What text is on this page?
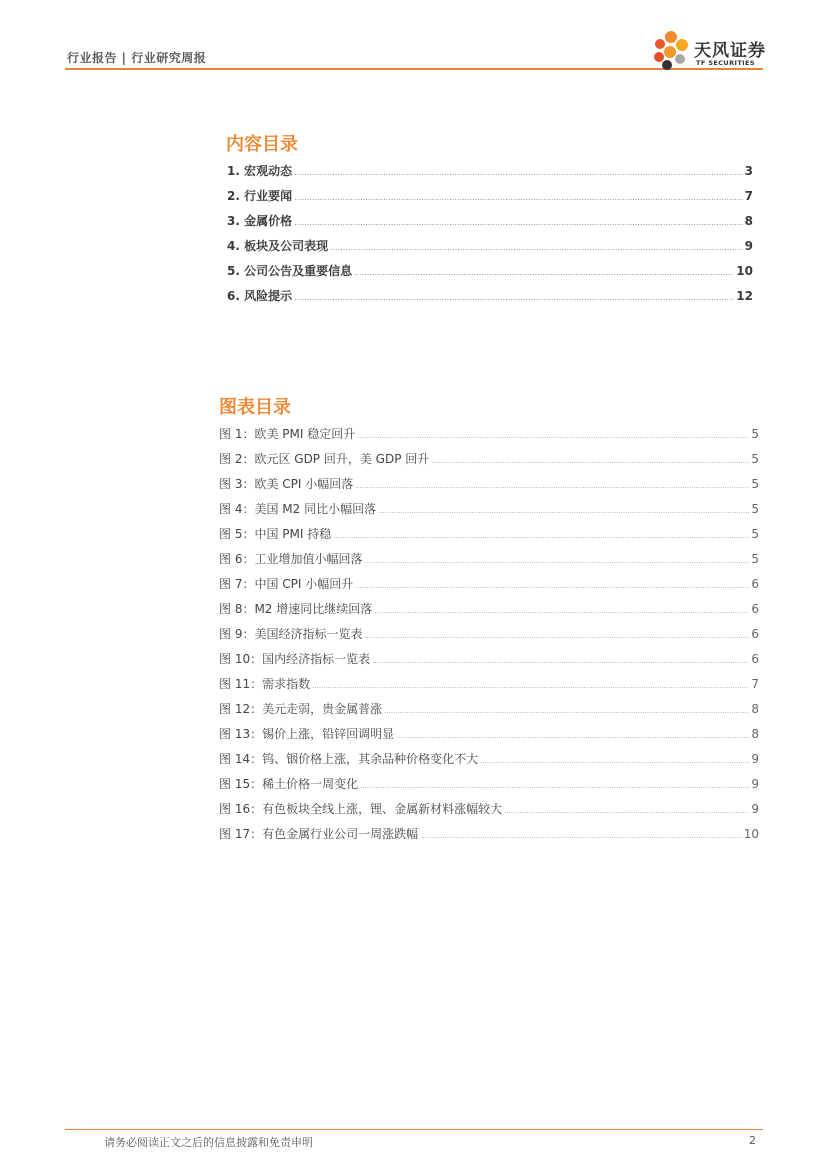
行业报告 | 行业研究周报	天风证券
TF SECURITIES
内容目录
1. 宏观动态 .....	3
2. 行业要闻 .....	7
3. 金属价格 .....	8
4. 板块及公司表现 .....	9
5. 公司公告及重要信息 .....	10
6. 风险提示 .....	12
图表目录
图 1：欧美 PMI 稳定回升 .....	5
图 2：欧元区 GDP 回升，美 GDP 回升 .....	5
图 3：欧美 CPI 小幅回落 .....	5
图 4：美国 M2 同比小幅回落 .....	5
图 5：中国 PMI 持稳 .....	5
图 6：工业增加值小幅回落 .....	5
图 7：中国 CPI 小幅回升 .....	6
图 8：M2 增速同比继续回落 .....	6
图 9：美国经济指标一览表 .....	6
图 10：国内经济指标一览表 .....	6
图 11：需求指数 .....	7
图 12：美元走弱，贵金属普涨 .....	8
图 13：锡价上涨，铅锌回调明显 .....	8
图 14：钨、铟价格上涨，其余品种价格变化不大 .....	9
图 15：稀土价格一周变化 .....	9
图 16：有色板块全线上涨，锂、金属新材料涨幅较大 .....	9
图 17：有色金属行业公司一周涨跌幅 .....	10
请务必阅读正文之后的信息披露和免责申明	2
